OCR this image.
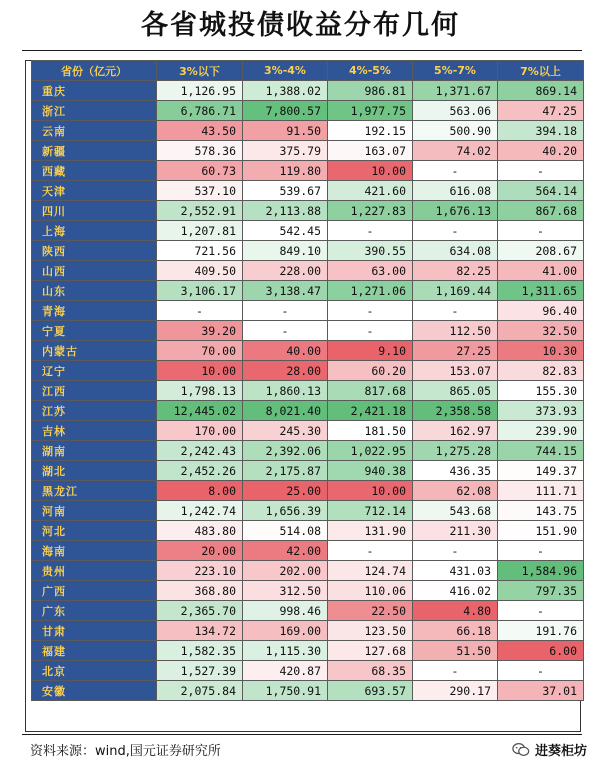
各省城投债收益分布几何
省份（亿元）	3%以下	3%-4%	4%-5%	5%-7%	7%以上
重庆	1,126.95	1,388.02	986.81	1,371.67	869.14
浙江	6,786.71	7,800.57	1,977.75	563.06	47.25
云南	43.50	91.50	192.15	500.90	394.18
新疆	578.36	375.79	163.07	74.02	40.20
西藏	60.73	119.80	10.00	-	-
天津	537.10	539.67	421.60	616.08	564.14
四川	2,552.91	2,113.88	1,227.83	1,676.13	867.68
上海	1,207.81	542.45	-	-	-
陕西	721.56	849.10	390.55	634.08	208.67
山西	409.50	228.00	63.00	82.25	41.00
山东	3,106.17	3,138.47	1,271.06	1,169.44	1,311.65
青海	-	-	-	-	96.40
宁夏	39.20	-	-	112.50	32.50
内蒙古	70.00	40.00	9.10	27.25	10.30
辽宁	10.00	28.00	60.20	153.07	82.83
江西	1,798.13	1,860.13	817.68	865.05	155.30
江苏	12,445.02	8,021.40	2,421.18	2,358.58	373.93
吉林	170.00	245.30	181.50	162.97	239.90
湖南	2,242.43	2,392.06	1,022.95	1,275.28	744.15
湖北	2,452.26	2,175.87	940.38	436.35	149.37
黑龙江	8.00	25.00	10.00	62.08	111.71
河南	1,242.74	1,656.39	712.14	543.68	143.75
河北	483.80	514.08	131.90	211.30	151.90
海南	20.00	42.00	-	-	-
贵州	223.10	202.00	124.74	431.03	1,584.96
广西	368.80	312.50	110.06	416.02	797.35
广东	2,365.70	998.46	22.50	4.80	-
甘肃	134.72	169.00	123.50	66.18	191.76
福建	1,582.35	1,115.30	127.68	51.50	6.00
北京	1,527.39	420.87	68.35	-	-
安徽	2,075.84	1,750.91	693.57	290.17	37.01
资料来源：wind,国元证券研究所	进葵柜坊
